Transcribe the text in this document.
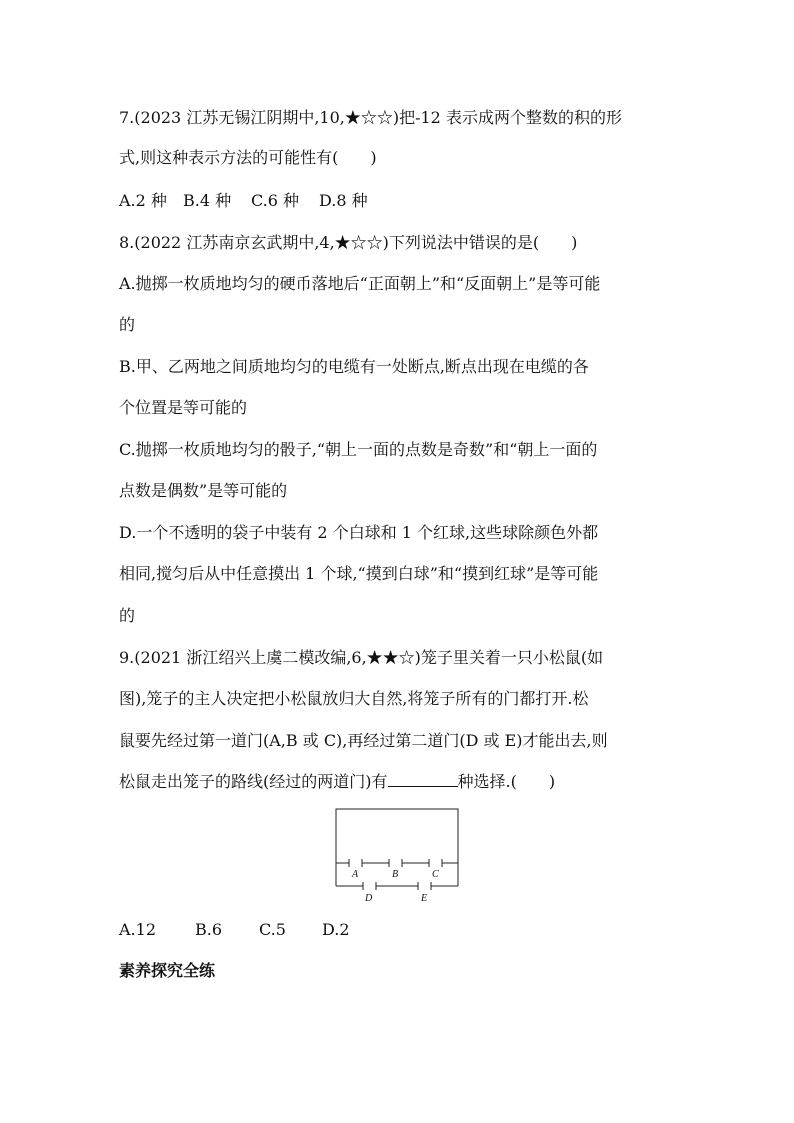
7.(2023 江苏无锡江阴期中,10,★☆☆)把-12 表示成两个整数的积的形
式,则这种表示方法的可能性有(　　)
A.2 种 B.4 种 C.6 种 D.8 种
8.(2022 江苏南京玄武期中,4,★☆☆)下列说法中错误的是(　　)
A.抛掷一枚质地均匀的硬币落地后“正面朝上”和“反面朝上”是等可能
的
B.甲、乙两地之间质地均匀的电缆有一处断点,断点出现在电缆的各
个位置是等可能的
C.抛掷一枚质地均匀的骰子,“朝上一面的点数是奇数”和“朝上一面的
点数是偶数”是等可能的
D.一个不透明的袋子中装有 2 个白球和 1 个红球,这些球除颜色外都
相同,搅匀后从中任意摸出 1 个球,“摸到白球”和“摸到红球”是等可能
的
9.(2021 浙江绍兴上虞二模改编,6,★★☆)笼子里关着一只小松鼠(如
图),笼子的主人决定把小松鼠放归大自然,将笼子所有的门都打开.松
鼠要先经过第一道门(A,B 或 C),再经过第二道门(D 或 E)才能出去,则
松鼠走出笼子的路线(经过的两道门)有	种选择.(　　)
A	B	C
D	E
A.12 B.6 C.5 D.2
素养探究全练
